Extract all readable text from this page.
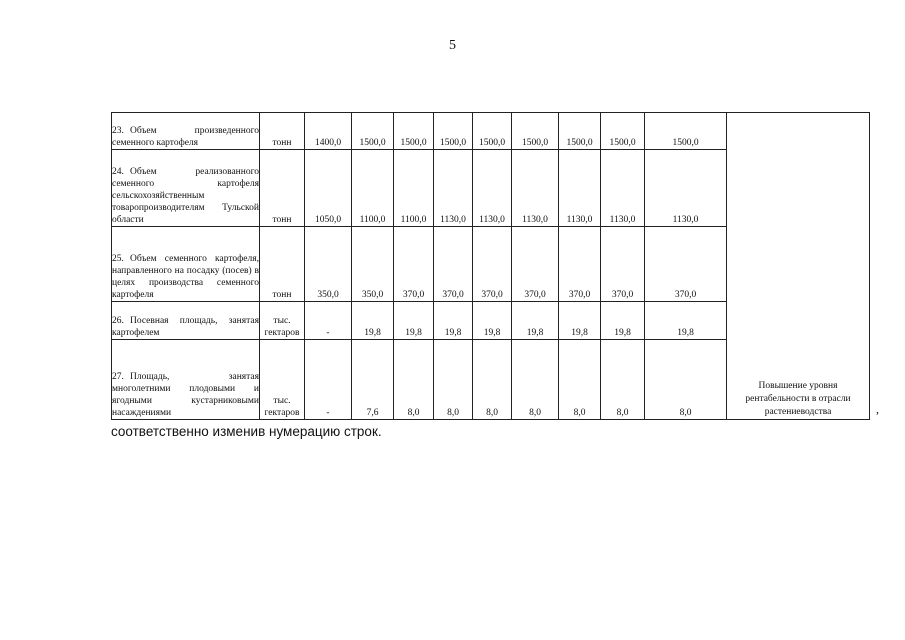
5
23. Объем произведенного семенного картофеля	тонн	1400,0	1500,0	1500,0	1500,0	1500,0	1500,0	1500,0	1500,0	1500,0	Повышение уровня рентабельности в отрасли растениеводства
24. Объем реализованного семенного картофеля сельскохозяйственным товаропроизводителям Тульской области	тонн	1050,0	1100,0	1100,0	1130,0	1130,0	1130,0	1130,0	1130,0	1130,0	
25. Объем семенного картофеля, направленного на посадку (посев) в целях производства семенного картофеля	тонн	350,0	350,0	370,0	370,0	370,0	370,0	370,0	370,0	370,0	
26. Посевная площадь, занятая картофелем	тыс. гектаров	-	19,8	19,8	19,8	19,8	19,8	19,8	19,8	19,8	
27. Площадь, занятая многолетними плодовыми и ягодными кустарниковыми насаждениями	тыс. гектаров	-	7,6	8,0	8,0	8,0	8,0	8,0	8,0	8,0		,
соответственно изменив нумерацию строк.
